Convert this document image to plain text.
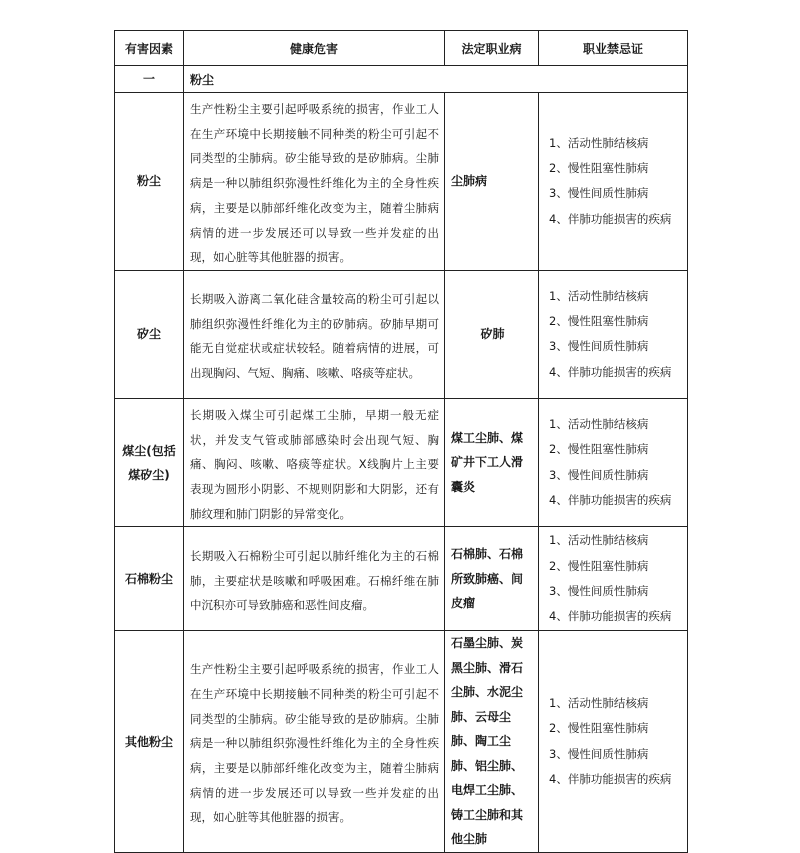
有害因素	健康危害	法定职业病	职业禁忌证
一	粉尘		
粉尘	生产性粉尘主要引起呼吸系统的损害，作业工人在生产环境中长期接触不同种类的粉尘可引起不同类型的尘肺病。矽尘能导致的是矽肺病。尘肺病是一种以肺组织弥漫性纤维化为主的全身性疾病，主要是以肺部纤维化改变为主，随着尘肺病病情的进一步发展还可以导致一些并发症的出现，如心脏等其他脏器的损害。	尘肺病	1、活动性肺结核病
2、慢性阻塞性肺病
3、慢性间质性肺病
4、伴肺功能损害的疾病

矽尘	长期吸入游离二氧化硅含量较高的粉尘可引起以肺组织弥漫性纤维化为主的矽肺病。矽肺早期可能无自觉症状或症状较轻。随着病情的进展，可出现胸闷、气短、胸痛、咳嗽、咯痰等症状。	矽肺	1、活动性肺结核病
2、慢性阻塞性肺病
3、慢性间质性肺病
4、伴肺功能损害的疾病

煤尘(包括煤矽尘)	长期吸入煤尘可引起煤工尘肺，早期一般无症状，并发支气管或肺部感染时会出现气短、胸痛、胸闷、咳嗽、咯痰等症状。X线胸片上主要表现为圆形小阴影、不规则阴影和大阴影，还有肺纹理和肺门阴影的异常变化。	煤工尘肺、煤矿井下工人滑囊炎	1、活动性肺结核病
2、慢性阻塞性肺病
3、慢性间质性肺病
4、伴肺功能损害的疾病

石棉粉尘	长期吸入石棉粉尘可引起以肺纤维化为主的石棉肺，主要症状是咳嗽和呼吸困难。石棉纤维在肺中沉积亦可导致肺癌和恶性间皮瘤。	石棉肺、石棉所致肺癌、间皮瘤	1、活动性肺结核病
2、慢性阻塞性肺病
3、慢性间质性肺病
4、伴肺功能损害的疾病

其他粉尘	生产性粉尘主要引起呼吸系统的损害，作业工人在生产环境中长期接触不同种类的粉尘可引起不同类型的尘肺病。矽尘能导致的是矽肺病。尘肺病是一种以肺组织弥漫性纤维化为主的全身性疾病，主要是以肺部纤维化改变为主，随着尘肺病病情的进一步发展还可以导致一些并发症的出现，如心脏等其他脏器的损害。	石墨尘肺、炭黑尘肺、滑石尘肺、水泥尘肺、云母尘肺、陶工尘肺、铝尘肺、电焊工尘肺、铸工尘肺和其他尘肺	1、活动性肺结核病
2、慢性阻塞性肺病
3、慢性间质性肺病
4、伴肺功能损害的疾病
